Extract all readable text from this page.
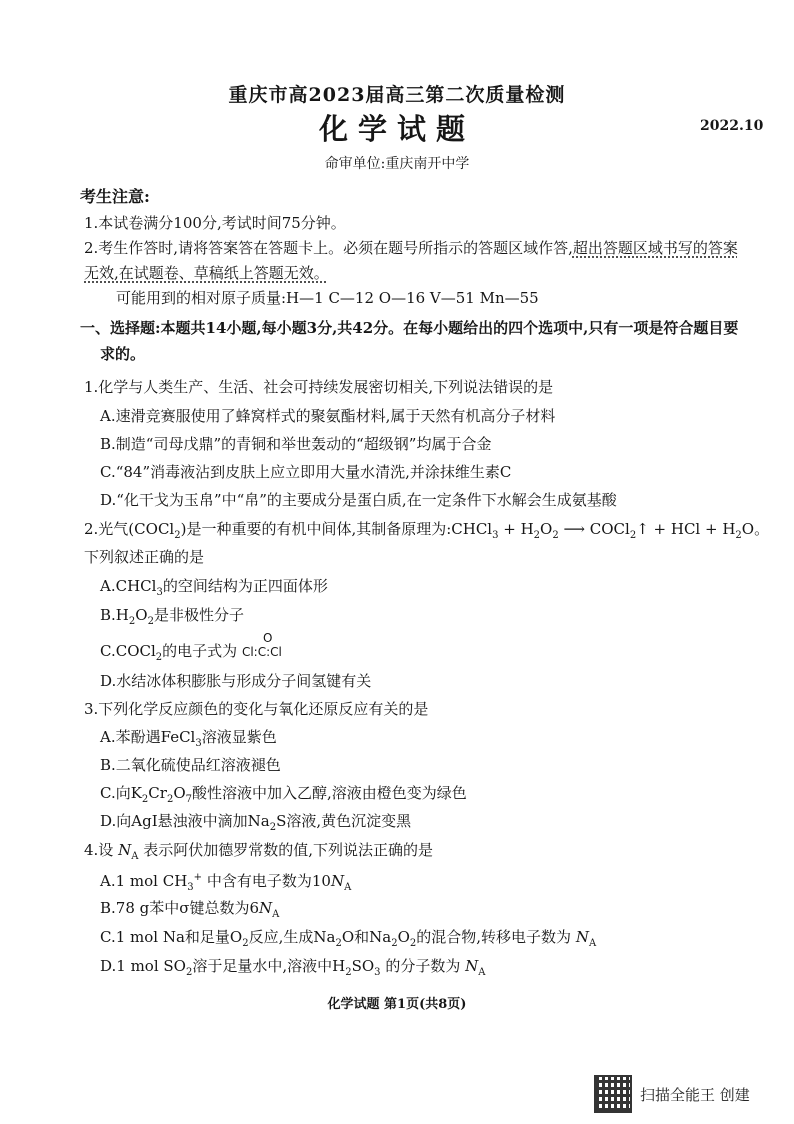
重庆市高2023届高三第二次质量检测
化学试题	2022.10
命审单位:重庆南开中学
考生注意:
1.本试卷满分100分,考试时间75分钟。
2.考生作答时,请将答案答在答题卡上。必须在题号所指示的答题区域作答,超出答题区域书写的答案
无效,在试题卷、草稿纸上答题无效。
可能用到的相对原子质量:H—1 C—12 O—16 V—51 Mn—55
一、选择题:本题共14小题,每小题3分,共42分。在每小题给出的四个选项中,只有一项是符合题目要
求的。
1.化学与人类生产、生活、社会可持续发展密切相关,下列说法错误的是
A.速滑竞赛服使用了蜂窝样式的聚氨酯材料,属于天然有机高分子材料
B.制造“司母戊鼎”的青铜和举世轰动的“超级钢”均属于合金
C.“84”消毒液沾到皮肤上应立即用大量水清洗,并涂抹维生素C
D.“化干戈为玉帛”中“帛”的主要成分是蛋白质,在一定条件下水解会生成氨基酸
2.光气(COCl$_2$)是一种重要的有机中间体,其制备原理为:CHCl$_3$ + $H_2O_2$ ⟶ COCl$_2$↑ + HCl + $H_2O$。
下列叙述正确的是
A.CHCl$_3$的空间结构为正四面体形
$B.H_2O_2$是非极性分子
C.COCl$_2$的电子式为
O
Cl:C:Cl
D.水结冰体积膨胀与形成分子间氢键有关
3.下列化学反应颜色的变化与氧化还原反应有关的是
A.苯酚遇FeCl$_3$溶液显紫色
B.二氧化硫使品红溶液褪色
C.向$K_2Cr_2O_7$酸性溶液中加入乙醇,溶液由橙色变为绿色
D.向AgI悬浊液中滴加$Na_2S$溶液,黄色沉淀变黑
4.设 $N_A$ 表示阿伏加德罗常数的值,下列说法正确的是
A.1 mol $CH_3^+$ 中含有电子数为$10N_A$
B.78 g苯中σ键总数为$6N_A$
C.1 mol Na和足量$O_2$反应,生成$Na_2O$和$Na_2O_2$的混合物,转移电子数为 $N_A$
D.1 mol $SO_2$溶于足量水中,溶液中$H_2SO_3$ 的分子数为 $N_A$
化学试题 第1页(共8页)
扫描全能王 创建
